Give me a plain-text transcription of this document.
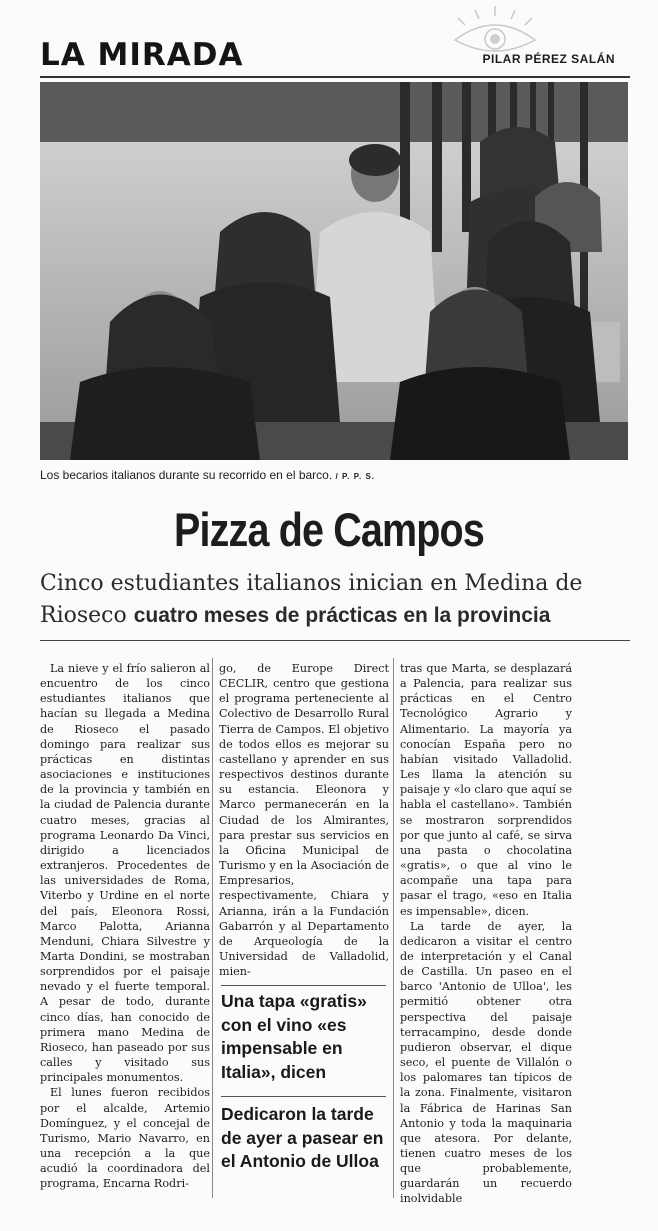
LA MIRADA	PILAR PÉREZ SALÁN
Los becarios italianos durante su recorrido en el barco. / P. P. S.
Pizza de Campos
Cinco estudiantes italianos inician en Medina de Rioseco cuatro meses de prácticas en la provincia

La nieve y el frío salieron al encuentro de los cinco estudiantes italianos que hacían su llegada a Medina de Rioseco el pasado domingo para realizar sus prácticas en distintas asociaciones e instituciones de la provincia y también en la ciudad de Palencia durante cuatro meses, gracias al programa Leonardo Da Vinci, dirigido a licenciados extranjeros. Procedentes de las universidades de Roma, Viterbo y Urdine en el norte del país, Eleonora Rossi, Marco Palotta, Arianna Menduni, Chiara Silvestre y Marta Dondini, se mostraban sorprendidos por el paisaje nevado y el fuerte temporal. A pesar de todo, durante cinco días, han conocido de primera mano Medina de Rioseco, han paseado por sus calles y visitado sus principales monumentos.

El lunes fueron recibidos por el alcalde, Artemio Domínguez, y el concejal de Turismo, Mario Navarro, en una recepción a la que acudió la coordinadora del programa, Encarna Rodri-

go, de Europe Direct CECLIR, centro que gestiona el programa perteneciente al Colectivo de Desarrollo Rural Tierra de Campos. El objetivo de todos ellos es mejorar su castellano y aprender en sus respectivos destinos durante su estancia. Eleonora y Marco permanecerán en la Ciudad de los Almirantes, para prestar sus servicios en la Oficina Municipal de Turismo y en la Asociación de Empresarios, respectivamente, Chiara y Arianna, irán a la Fundación Gabarrón y al Departamento de Arqueología de la Universidad de Valladolid, mien-

Una tapa «gratis» con el vino «es impensable en Italia», dicen
Dedicaron la tarde de ayer a pasear en el Antonio de Ulloa

tras que Marta, se desplazará a Palencia, para realizar sus prácticas en el Centro Tecnológico Agrario y Alimentario. La mayoría ya conocían España pero no habían visitado Valladolid. Les llama la atención su paisaje y «lo claro que aquí se habla el castellano». También se mostraron sorprendidos por que junto al café, se sirva una pasta o chocolatina «gratis», o que al vino le acompañe una tapa para pasar el trago, «eso en Italia es impensable», dicen.

La tarde de ayer, la dedicaron a visitar el centro de interpretación y el Canal de Castilla. Un paseo en el barco 'Antonio de Ulloa', les permitió obtener otra perspectiva del paisaje terracampino, desde donde pudieron observar, el dique seco, el puente de Villalón o los palomares tan típicos de la zona. Finalmente, visitaron la Fábrica de Harinas San Antonio y toda la maquinaria que atesora. Por delante, tienen cuatro meses de los que probablemente, guardarán un recuerdo inolvidable
